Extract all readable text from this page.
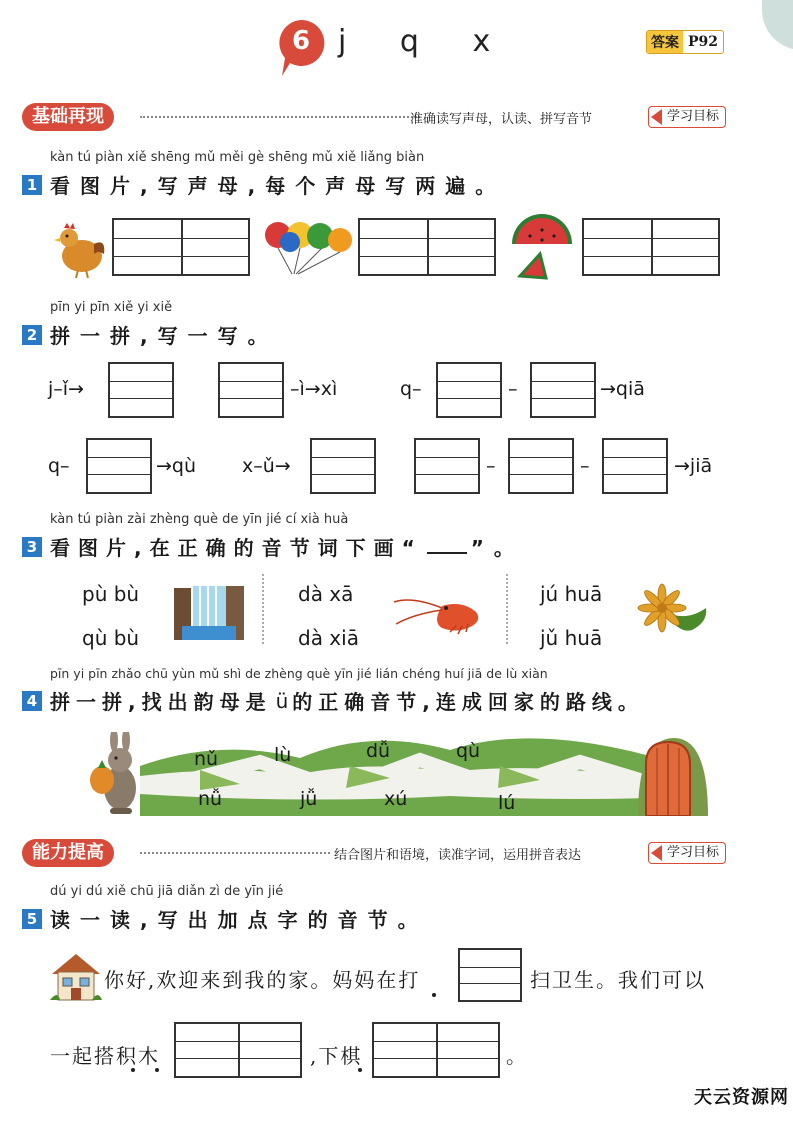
6 j q x	答案 P92
基础再现	准确读写声母，认读、拼写音节	学习目标
kàn tú piàn xiě shēng mǔ měi gè shēng mǔ xiě liǎng biàn
1 看图片,写声母,每个声母写两遍。
pīn yi pīn xiě yi xiě
2 拼一拼,写一写。
j–ǐ→	–ì→xì	q–	–	→qiā
q–	→qù x–ǔ→	–	–	→jiā
kàn tú piàn zài zhèng què de yīn jié cí xià huà
3 看图片,在正确的音节词下画“ ”。
pù bù
qù bù
dà xā
dà xiā
jú huā
jǔ huā
pīn yi pīn zhǎo chū yùn mǔ shì de zhèng què yīn jié lián chéng huí jiā de lù xiàn
4 拼一拼,找出韵母是 ü 的正确音节,连成回家的路线。
nǔ	lù	dǚ	qù
nǚ	jǚ	xú	lú
能力提高	结合图片和语境，读准字词，运用拼音表达	学习目标
dú yi dú xiě chū jiā diǎn zì de yīn jié
5 读一读,写出加点字的音节。
你好,欢迎来到我的家。妈妈在打	扫卫生。我们可以
一起搭积木	,下棋	。
天云资源网
